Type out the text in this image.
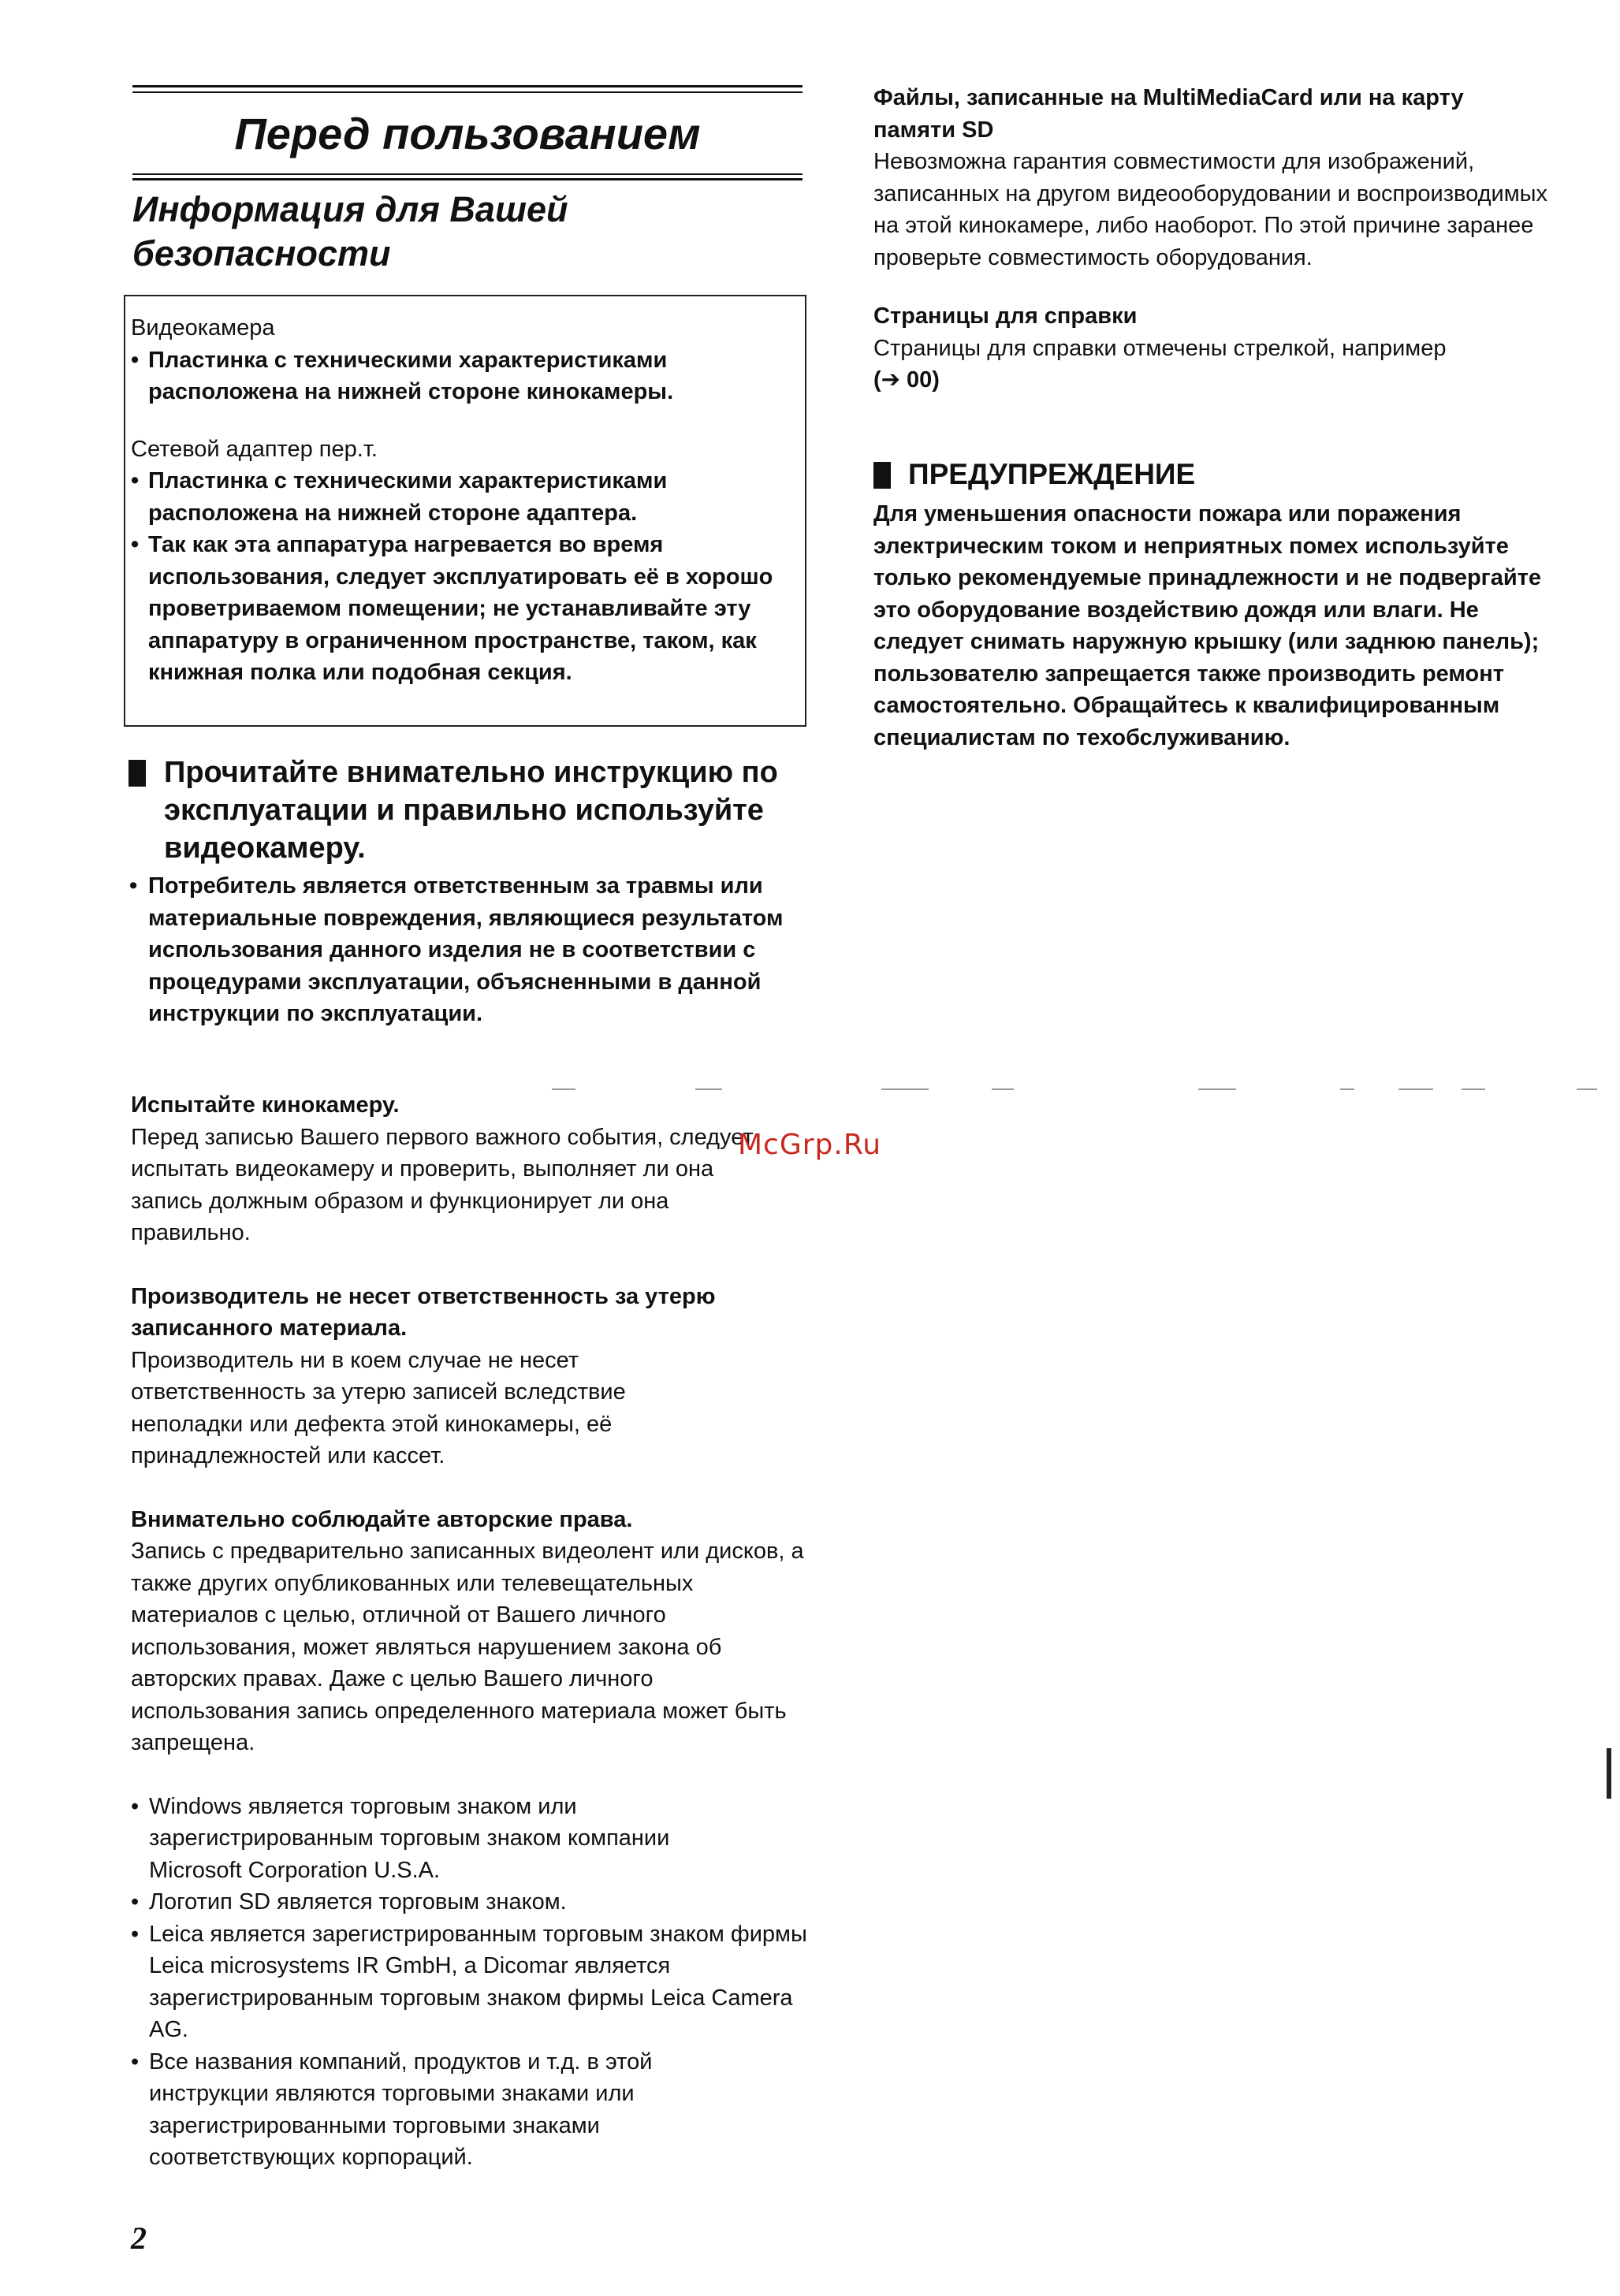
Перед пользованием
Информация для Вашей безопасности

Видеокамера

• Пластинка с техническими характеристиками расположена на нижней стороне кинокамеры.

Сетевой адаптер пер.т.

• Пластинка с техническими характеристиками расположена на нижней стороне адаптера.

• Так как эта аппаратура нагревается во время использования, следует эксплуатировать её в хорошо проветриваемом помещении; не устанавливайте эту аппаратуру в ограниченном пространстве, таком, как книжная полка или подобная секция.

Прочитайте внимательно инструкцию по эксплуатации и правильно используйте видеокамеру.

• Потребитель является ответственным за травмы или материальные повреждения, являющиеся результатом использования данного изделия не в соответствии с процедурами эксплуатации, объясненными в данной инструкции по эксплуатации.

Испытайте кинокамеру.

Перед записью Вашего первого важного события, следует испытать видеокамеру и проверить, выполняет ли она запись должным образом и функционирует ли она правильно.

Производитель не несет ответственность за утерю записанного материала.

Производитель ни в коем случае не несет ответственность за утерю записей вследствие неполадки или дефекта этой кинокамеры, её принадлежностей или кассет.

Внимательно соблюдайте авторские права.

Запись с предварительно записанных видеолент или дисков, а также других опубликованных или телевещательных материалов с целью, отличной от Вашего личного использования, может являться нарушением закона об авторских правах. Даже с целью Вашего личного использования запись определенного материала может быть запрещена.

• Windows является торговым знаком или зарегистрированным торговым знаком компании Microsoft Corporation U.S.A.

• Логотип SD является торговым знаком.

• Leica является зарегистрированным торговым знаком фирмы Leica microsystems IR GmbH, а Dicomar является зарегистрированным торговым знаком фирмы Leica Camera AG.

• Все названия компаний, продуктов и т.д. в этой инструкции являются торговыми знаками или зарегистрированными торговыми знаками соответствующих корпораций.

McGrp.Ru

Файлы, записанные на MultiMediaCard или на карту памяти SD

Невозможна гарантия совместимости для изображений, записанных на другом видеооборудовании и воспроизводимых на этой кинокамере, либо наоборот. По этой причине заранее проверьте совместимость оборудования.

Страницы для справки

Страницы для справки отмечены стрелкой, например

(➔ 00)

ПРЕДУПРЕЖДЕНИЕ

Для уменьшения опасности пожара или поражения электрическим током и неприятных помех используйте только рекомендуемые принадлежности и не подвергайте это оборудование воздействию дождя или влаги. Не следует снимать наружную крышку (или заднюю панель); пользователю запрещается также производить ремонт самостоятельно. Обращайтесь к квалифицированным специалистам по техобслуживанию.

2
